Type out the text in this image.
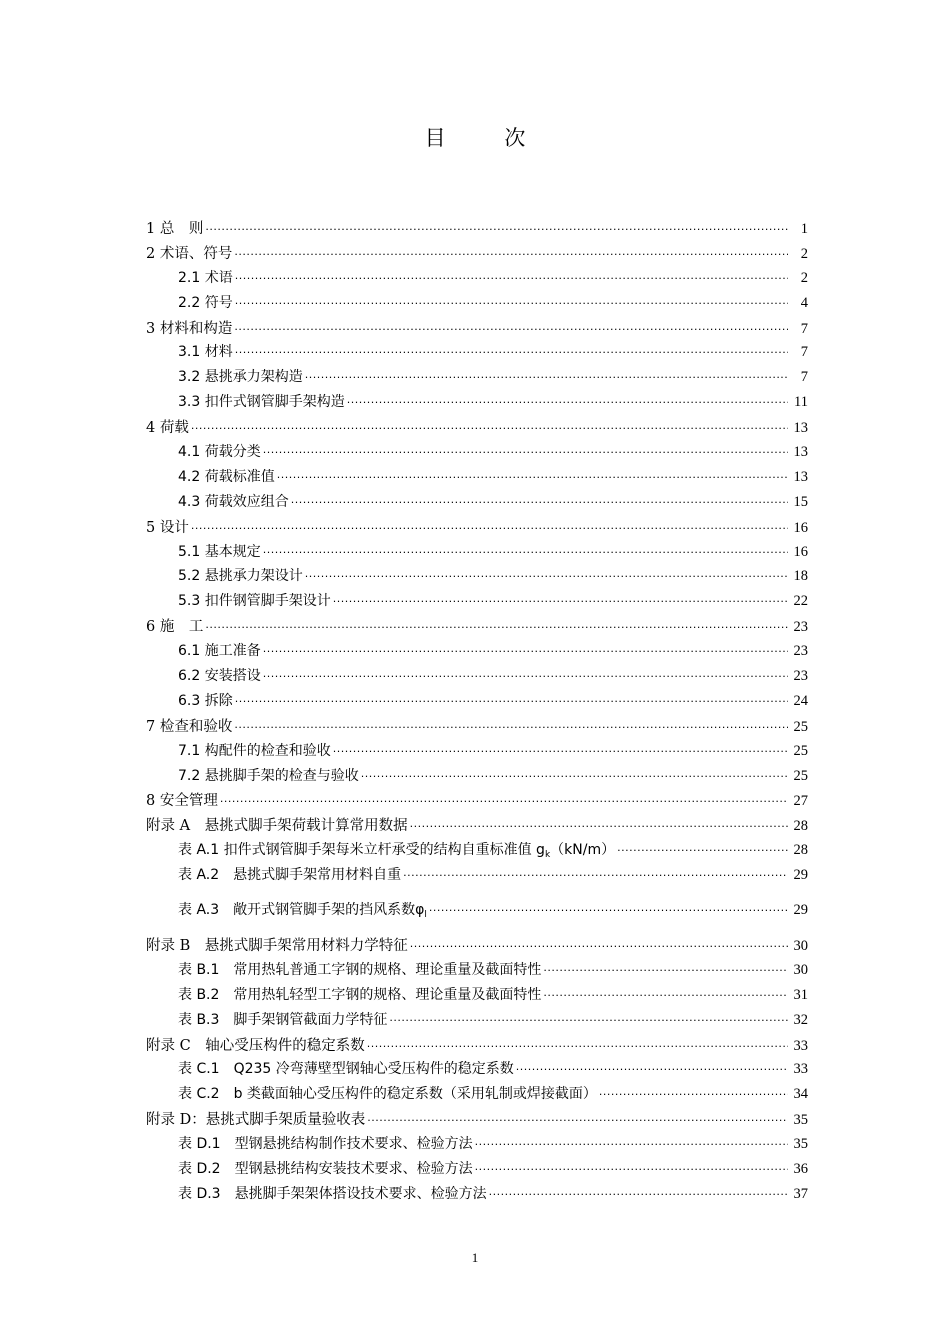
目 次
1 总　则 .....	1
2 术语、符号 .....	2
2.1 术语 .....	2
2.2 符号 .....	4
3 材料和构造 .....	7
3.1 材料 .....	7
3.2 悬挑承力架构造 .....	7
3.3 扣件式钢管脚手架构造 .....	11
4 荷载 .....	13
4.1 荷载分类 .....	13
4.2 荷载标准值 .....	13
4.3 荷载效应组合 .....	15
5 设计 .....	16
5.1 基本规定 .....	16
5.2 悬挑承力架设计 .....	18
5.3 扣件钢管脚手架设计 .....	22
6 施　工 .....	23
6.1 施工准备 .....	23
6.2 安装搭设 .....	23
6.3 拆除 .....	24
7 检查和验收 .....	25
7.1 构配件的检查和验收 .....	25
7.2 悬挑脚手架的检查与验收 .....	25
8 安全管理 .....	27
附录 A　悬挑式脚手架荷载计算常用数据 .....	28
表 A.1 扣件式钢管脚手架每米立杆承受的结构自重标准值 $g_k(kN/m)$ .....	28
表 A.2　悬挑式脚手架常用材料自重 .....	29
表 A.3　敞开式钢管脚手架的挡风系数$\varphi_l$ .....	29
附录 B　悬挑式脚手架常用材料力学特征 .....	30
表 B.1　常用热轧普通工字钢的规格、理论重量及截面特性 .....	30
表 B.2　常用热轧轻型工字钢的规格、理论重量及截面特性 .....	31
表 B.3　脚手架钢管截面力学特征 .....	32
附录 C　轴心受压构件的稳定系数 .....	33
表 C.1　Q235 冷弯薄壁型钢轴心受压构件的稳定系数 .....	33
表 C.2　b 类截面轴心受压构件的稳定系数（采用轧制或焊接截面） .....	34
附录 D：悬挑式脚手架质量验收表 .....	35
表 D.1　型钢悬挑结构制作技术要求、检验方法 .....	35
表 D.2　型钢悬挑结构安装技术要求、检验方法 .....	36
表 D.3　悬挑脚手架架体搭设技术要求、检验方法 .....	37
1
